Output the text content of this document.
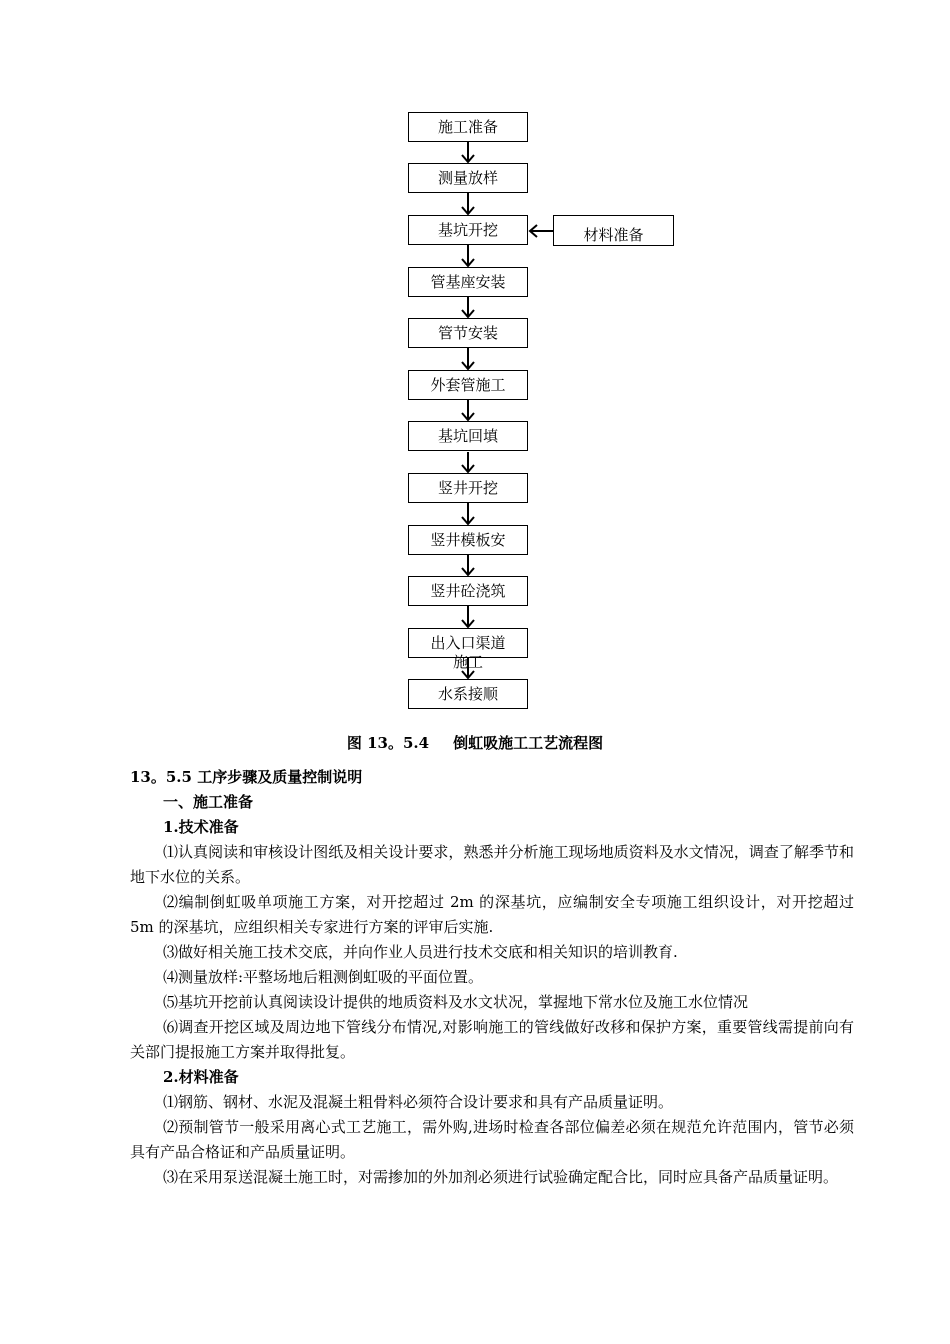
施工准备
测量放样
基坑开挖
管基座安装
管节安装
外套管施工
基坑回填
竖井开挖
竖井模板安
竖井砼浇筑
出入口渠道
施工
水系接顺
材料准备
图 13。5.4 倒虹吸施工工艺流程图
13。5.5 工序步骤及质量控制说明
一、施工准备
1.技术准备
⑴认真阅读和审核设计图纸及相关设计要求，熟悉并分析施工现场地质资料及水文情况，调查了解季节和地下水位的关系。
⑵编制倒虹吸单项施工方案，对开挖超过 2m 的深基坑，应编制安全专项施工组织设计，对开挖超过 5m 的深基坑，应组织相关专家进行方案的评审后实施.
⑶做好相关施工技术交底，并向作业人员进行技术交底和相关知识的培训教育.
⑷测量放样:平整场地后粗测倒虹吸的平面位置。
⑸基坑开挖前认真阅读设计提供的地质资料及水文状况，掌握地下常水位及施工水位情况
⑹调查开挖区域及周边地下管线分布情况,对影响施工的管线做好改移和保护方案，重要管线需提前向有关部门提报施工方案并取得批复。
2.材料准备
⑴钢筋、钢材、水泥及混凝土粗骨料必须符合设计要求和具有产品质量证明。
⑵预制管节一般采用离心式工艺施工，需外购,进场时检查各部位偏差必须在规范允许范围内，管节必须具有产品合格证和产品质量证明。
⑶在采用泵送混凝土施工时，对需掺加的外加剂必须进行试验确定配合比，同时应具备产品质量证明。
